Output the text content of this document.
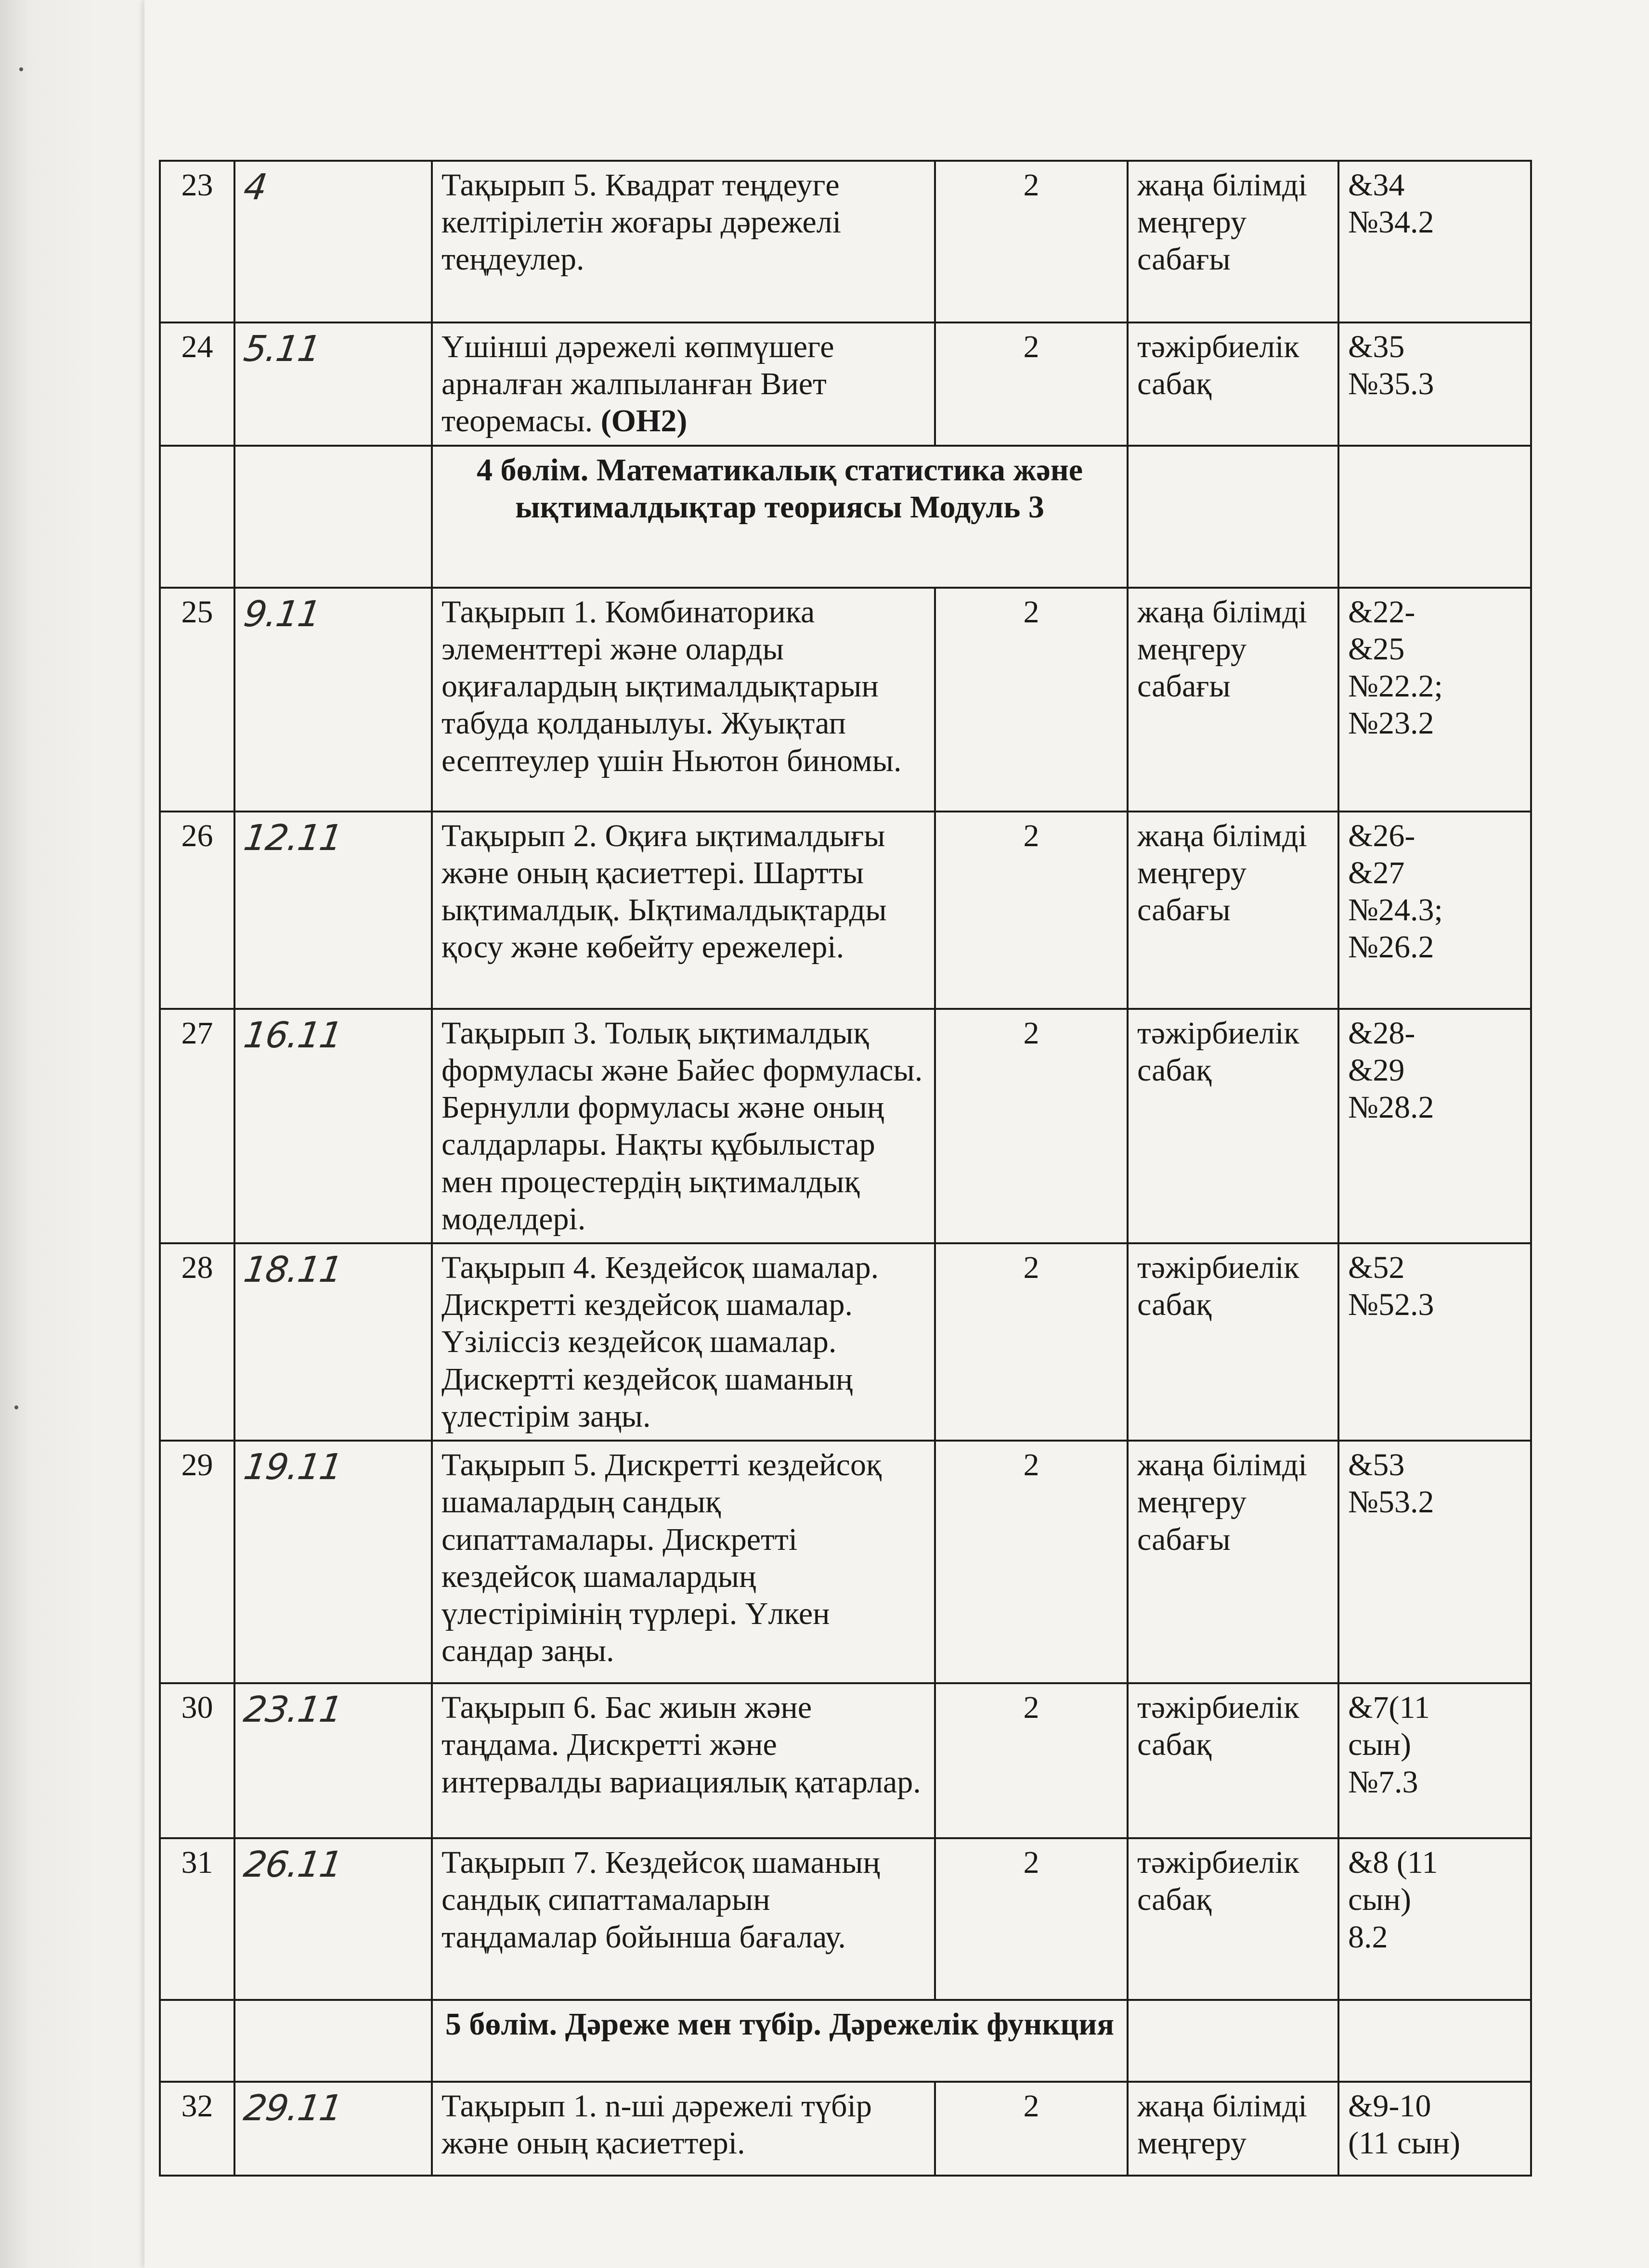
23	4	Тақырып 5. Квадрат теңдеугe келтірілетін жоғары дәрежелі теңдеулер.	2	жаңа білімді меңгеру сабағы	&34
№34.2

24	5.11	Үшінші дәрежелі көпмүшеге арналған жалпыланған Виет теоремасы. (ОН2)	2	тәжірбиелік сабақ	&35
№35.3

		4 бөлім. Математикалық статистика және ықтималдықтар теориясы Модуль 3			
25	9.11	Тақырып 1. Комбинаторика элементтері және оларды оқиғалардың ықтималдықтарын табуда қолданылуы. Жуықтап есептеулер үшін Ньютон биномы.	2	жаңа білімді меңгеру сабағы	&22-
&25
№22.2;
№23.2

26	12.11	Тақырып 2. Оқиға ықтималдығы және оның қасиеттері. Шартты ықтималдық. Ықтималдықтарды қосу және көбейту ережелері.	2	жаңа білімді меңгеру сабағы	&26-
&27
№24.3;
№26.2

27	16.11	Тақырып 3. Толық ықтималдық формуласы және Байес формуласы. Бернулли формуласы және оның салдарлары. Нақты құбылыстар мен процестердің ықтималдық моделдері.	2	тәжірбиелік сабақ	&28-
&29
№28.2

28	18.11	Тақырып 4. Кездейсоқ шамалар. Дискретті кездейсоқ шамалар. Үзіліссіз кездейсоқ шамалар. Дискертті кездейсоқ шаманың үлестірім заңы.	2	тәжірбиелік сабақ	&52
№52.3

29	19.11	Тақырып 5. Дискретті кездейсоқ шамалардың сандық сипаттамалары. Дискретті кездейсоқ шамалардың үлестірімінің түрлері. Үлкен сандар заңы.	2	жаңа білімді меңгеру сабағы	&53
№53.2

30	23.11	Тақырып 6. Бас жиын және таңдама. Дискретті және интервалды вариациялық қатарлар.	2	тәжірбиелік сабақ	&7(11
сын)
№7.3

31	26.11	Тақырып 7. Кездейсоқ шаманың сандық сипаттамаларын таңдамалар бойынша бағалау.	2	тәжірбиелік сабақ	&8 (11
сын)
8.2

		5 бөлім. Дәреже мен түбір. Дәрежелік функция			
32	29.11	Тақырып 1. n-ші дәрежелі түбір және оның қасиеттері.	2	жаңа білімді меңгеру	&9-10
(11 сын)
